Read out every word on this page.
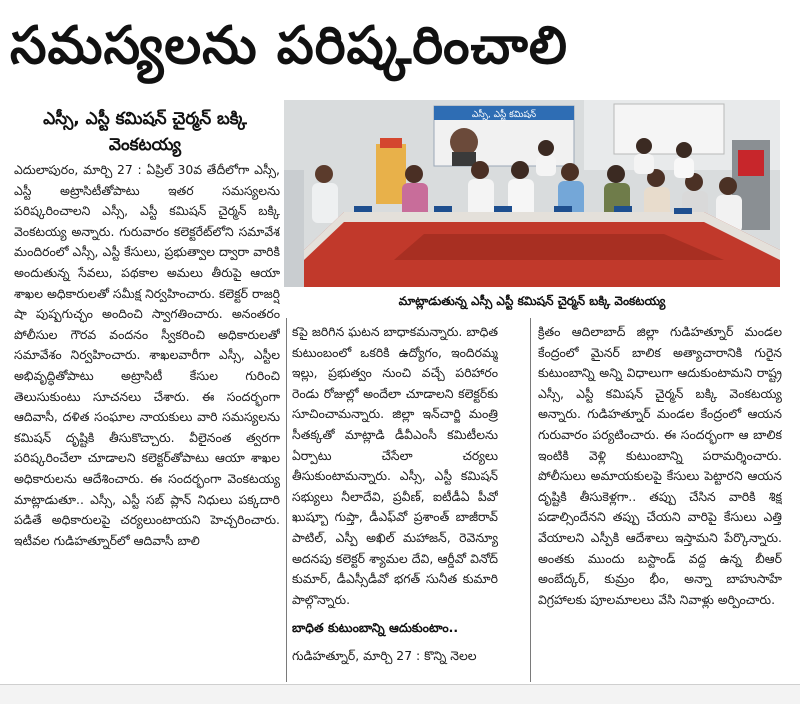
సమస్యలను పరిష్కరించాలి
ఎస్సీ, ఎస్టీ కమిషన్ చైర్మన్ బక్కి వెంకటయ్య
ఎదులాపురం, మార్చి 27 : ఏప్రిల్ 30వ తేదీలోగా ఎస్సీ, ఎస్టీ అట్రాసిటీతోపాటు ఇతర సమస్యలను పరిష్కరించాలని ఎస్సీ, ఎస్టీ కమిషన్ చైర్మన్ బక్కి వెంకటయ్య అన్నారు. గురువారం కలెక్టరేట్‌లోని సమావేశ మందిరంలో ఎస్సీ, ఎస్టీ కేసులు, ప్రభుత్వాల ద్వారా వారికి అందుతున్న సేవలు, పథకాల అమలు తీరుపై ఆయా శాఖల అధికారులతో సమీక్ష నిర్వహించారు. కలెక్టర్ రాజర్షి షా పుష్పగుచ్ఛం అందించి స్వాగతించారు. అనంతరం పోలీసుల గౌరవ వందనం స్వీకరించి అధికారులతో సమావేశం నిర్వహించారు. శాఖలవారీగా ఎస్సీ, ఎస్టీల అభివృద్ధితోపాటు అట్రాసిటీ కేసుల గురించి తెలుసుకుంటు సూచనలు చేశారు. ఈ సందర్భంగా ఆదివాసీ, దళిత సంఘాల నాయకులు వారి సమస్యలను కమిషన్ దృష్టికి తీసుకొచ్చారు. వీలైనంత త్వరగా పరిష్కరించేలా చూడాలని కలెక్టర్‌తోపాటు ఆయా శాఖల అధికారులను ఆదేశించారు. ఈ సందర్భంగా వెంకటయ్య మాట్లాడుతూ.. ఎస్సీ, ఎస్టీ సబ్ ప్లాన్ నిధులు పక్కదారి పడితే అధికారులపై చర్యలుంటాయని హెచ్చరించారు. ఇటీవల గుడిహత్నూర్‌లో ఆదివాసీ బాలి
ఎస్సీ, ఎస్టీ కమిషన్
మాట్లాడుతున్న ఎస్సీ ఎస్టీ కమిషన్ చైర్మన్ బక్కి వెంకటయ్య
కపై జరిగిన ఘటన బాధాకమన్నారు. బాధిత కుటుంబంలో ఒకరికి ఉద్యోగం, ఇందిరమ్మ ఇల్లు, ప్రభుత్వం నుంచి వచ్చే పరిహారం రెండు రోజుల్లో అందేలా చూడాలని కలెక్టర్‌కు సూచించామన్నారు. జిల్లా ఇన్‌చార్జి మంత్రి సీతక్కతో మాట్లాడి డీవీఎంసీ కమిటీలను ఏర్పాటు చేసేలా చర్యలు తీసుకుంటామన్నారు. ఎస్సీ, ఎస్టీ కమిషన్ సభ్యులు నీలాదేవి, ప్రవీణ్, ఐటీడీఏ పీవో ఖుష్బూ గుప్తా, డీఎఫ్‌వో ప్రశాంత్ బాజీరావ్ పాటిల్, ఎస్పీ అఖిల్ మహాజన్, రెవెన్యూ అదనపు కలెక్టర్ శ్యామల దేవి, ఆర్డీవో వినోద్ కుమార్, డీఎస్సీడీవో భగత్ సునీత కుమారి పాల్గొన్నారు.
బాధిత కుటుంబాన్ని ఆదుకుంటాం..
గుడిహత్నూర్, మార్చి 27 : కొన్ని నెలల
క్రితం ఆదిలాబాద్ జిల్లా గుడిహత్నూర్ మండల కేంద్రంలో మైనర్ బాలిక అత్యాచారానికి గురైన కుటుంబాన్ని అన్ని విధాలుగా ఆదుకుంటామని రాష్ట్ర ఎస్సీ, ఎస్టీ కమిషన్ చైర్మన్ బక్కి వెంకటయ్య అన్నారు. గుడిహత్నూర్ మండల కేంద్రంలో ఆయన గురువారం పర్యటించారు. ఈ సందర్భంగా ఆ బాలిక ఇంటికి వెళ్లి కుటుంబాన్ని పరామర్శించారు. పోలీసులు అమాయకులపై కేసులు పెట్టారని ఆయన దృష్టికి తీసుకెళ్లగా.. తప్పు చేసిన వారికి శిక్ష పడాల్సిందేనని తప్పు చేయని వారిపై కేసులు ఎత్తి వేయాలని ఎస్పీకి ఆదేశాలు ఇస్తామని పేర్కొన్నారు. అంతకు ముందు బస్టాండ్ వద్ద ఉన్న బీఆర్ అంబేద్కర్, కుమ్రం భీం, అన్నా బాహుసాహే విగ్రహాలకు పూలమాలలు వేసి నివాళ్లు అర్పించారు.
